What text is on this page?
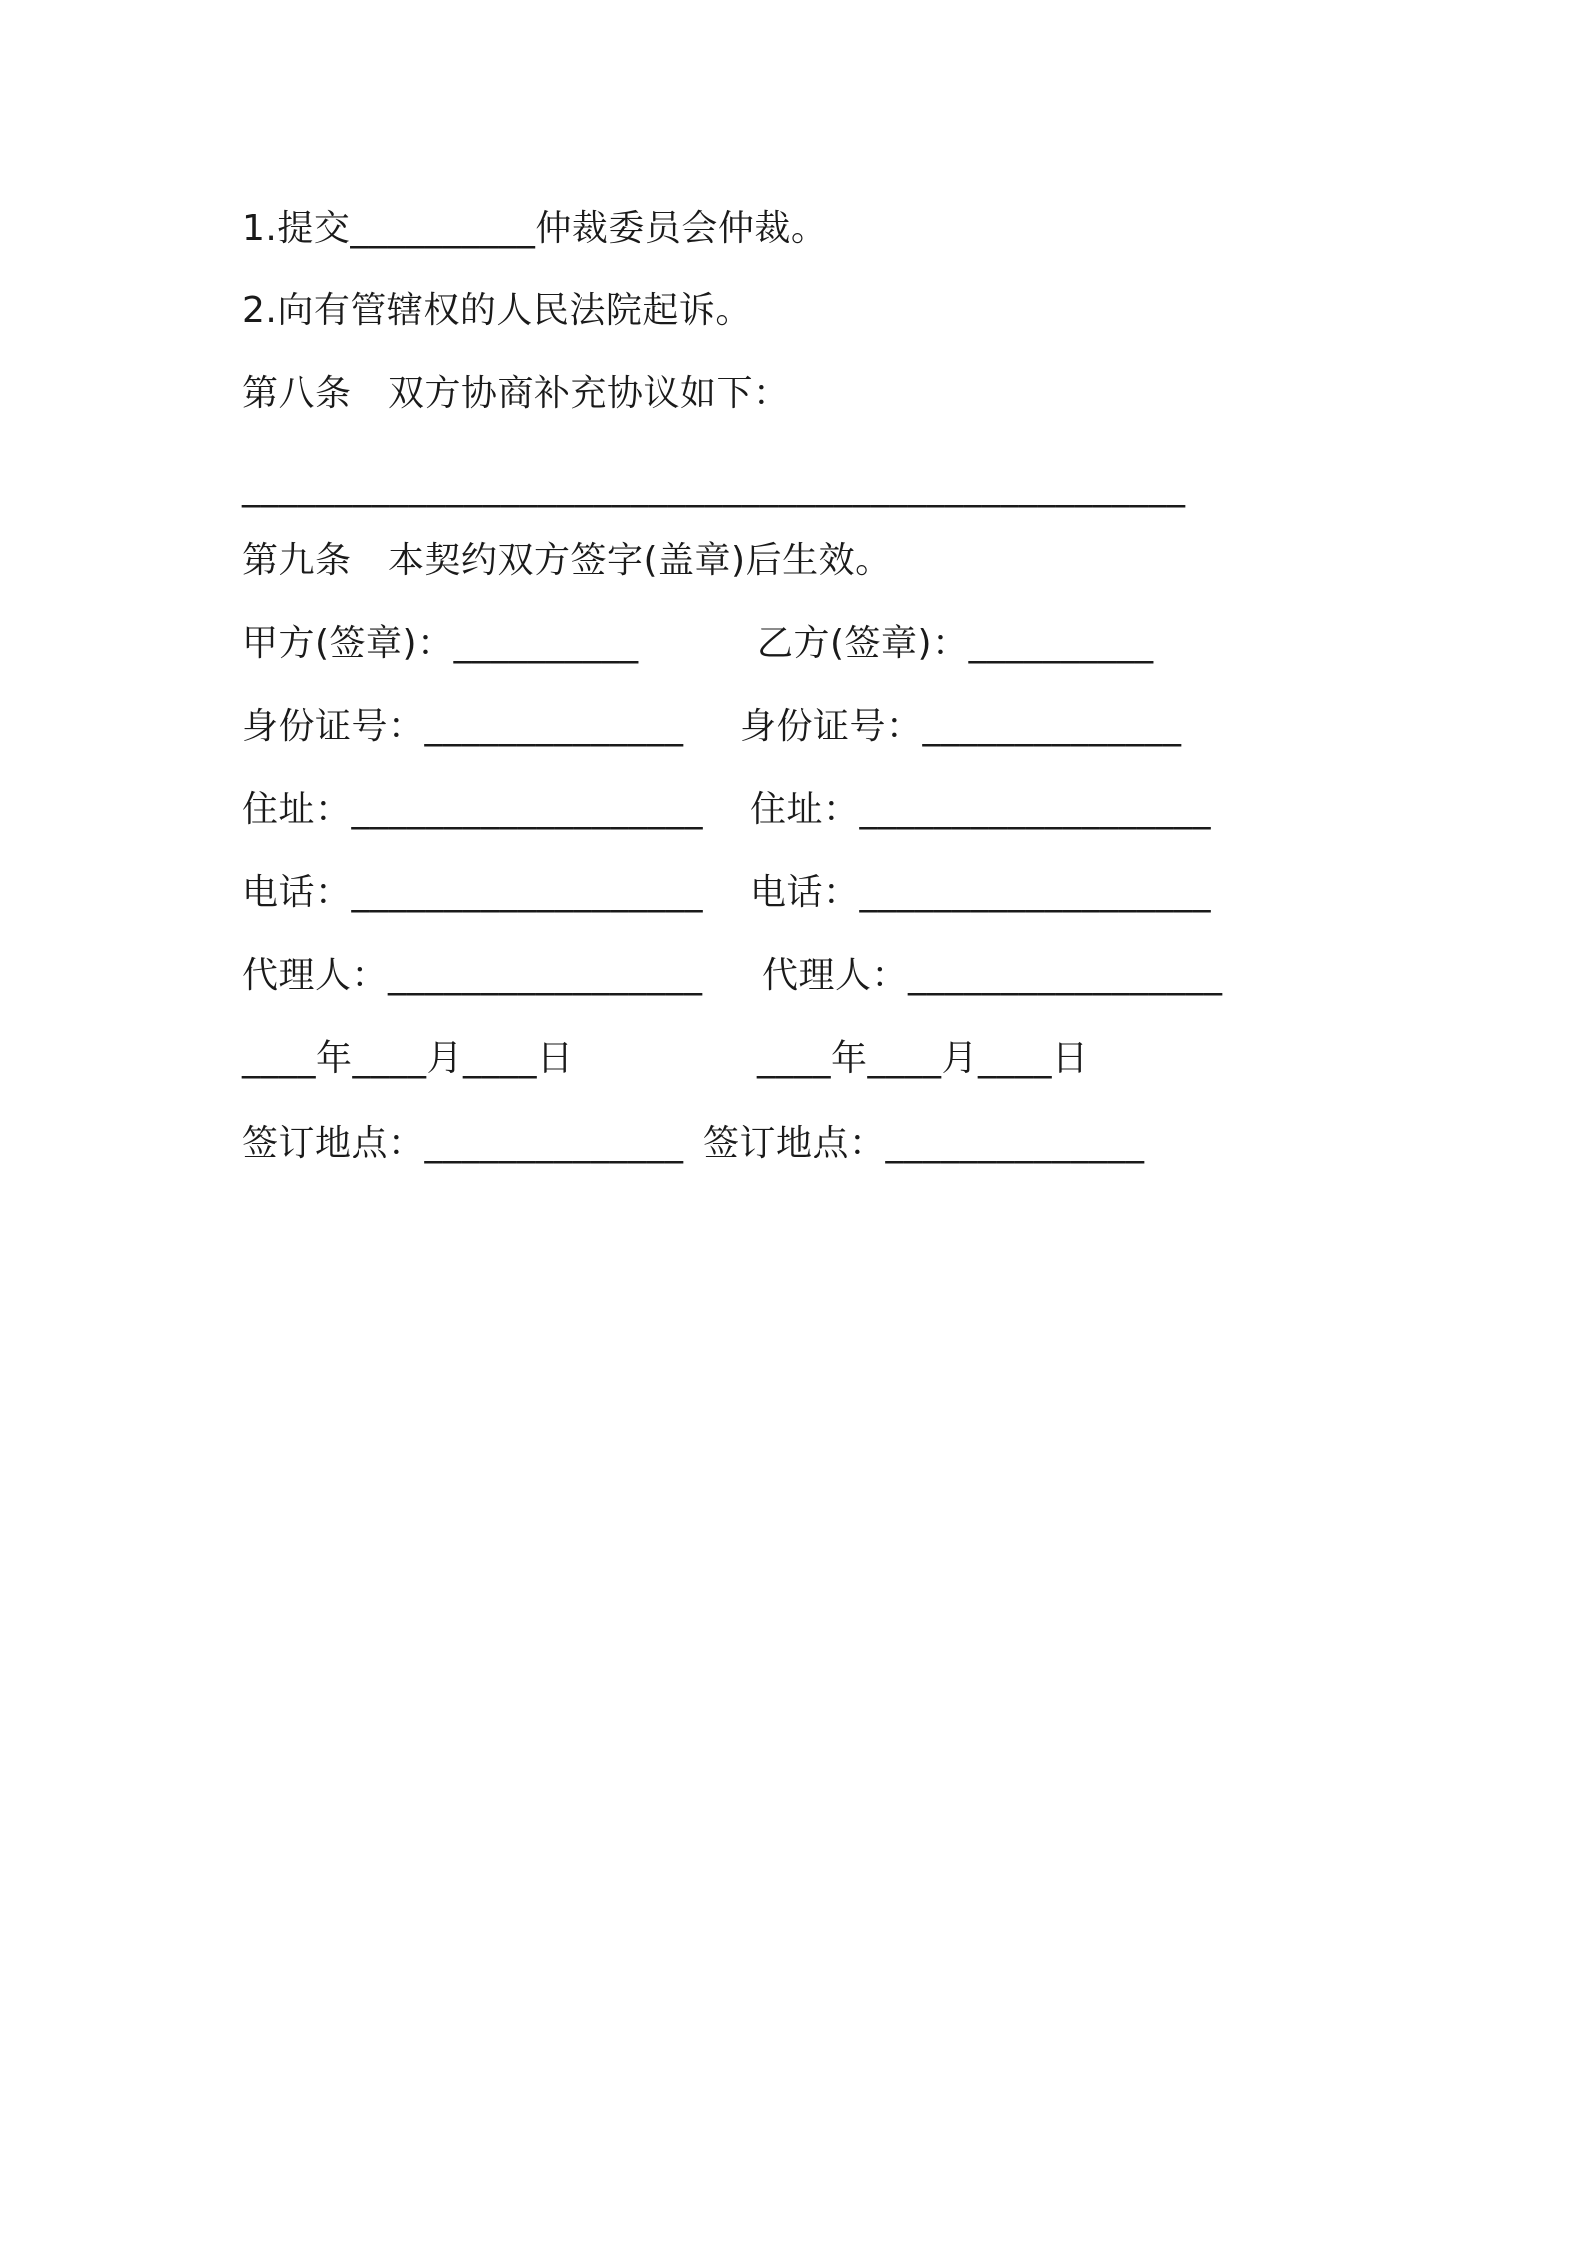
1.提交__________仲裁委员会仲裁。
2.向有管辖权的人民法院起诉。
第八条　双方协商补充协议如下：
___________________________________________________
第九条　本契约双方签字(盖章)后生效。
甲方(签章)：__________
身份证号：______________
住址：___________________
电话：___________________
代理人：_________________
____年____月____日
乙方(签章)：__________
身份证号：______________
住址：___________________
电话：___________________
代理人：_________________
____年____月____日
签订地点：______________ 签订地点：______________
